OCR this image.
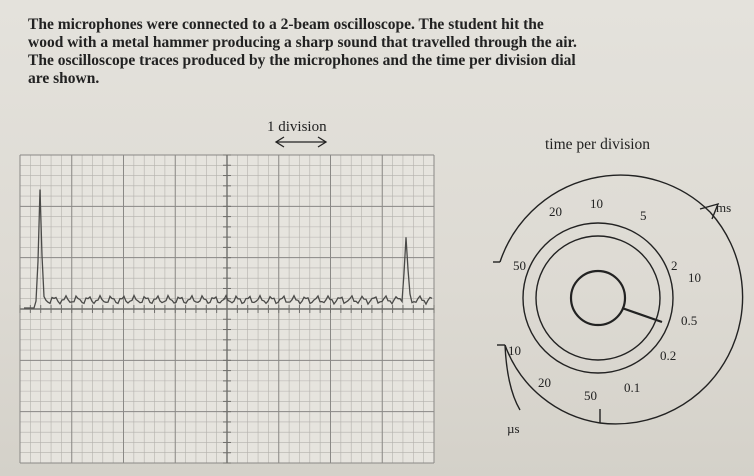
The microphones were connected to a 2-beam oscilloscope. The student hit the
wood with a metal hammer producing a sharp sound that travelled through the air.
The oscilloscope traces produced by the microphones and the time per division dial
are shown.
1 division
50
20
10
5
2
10
0.5
0.2
0.1
50
20
10
ms
µs
time per division
